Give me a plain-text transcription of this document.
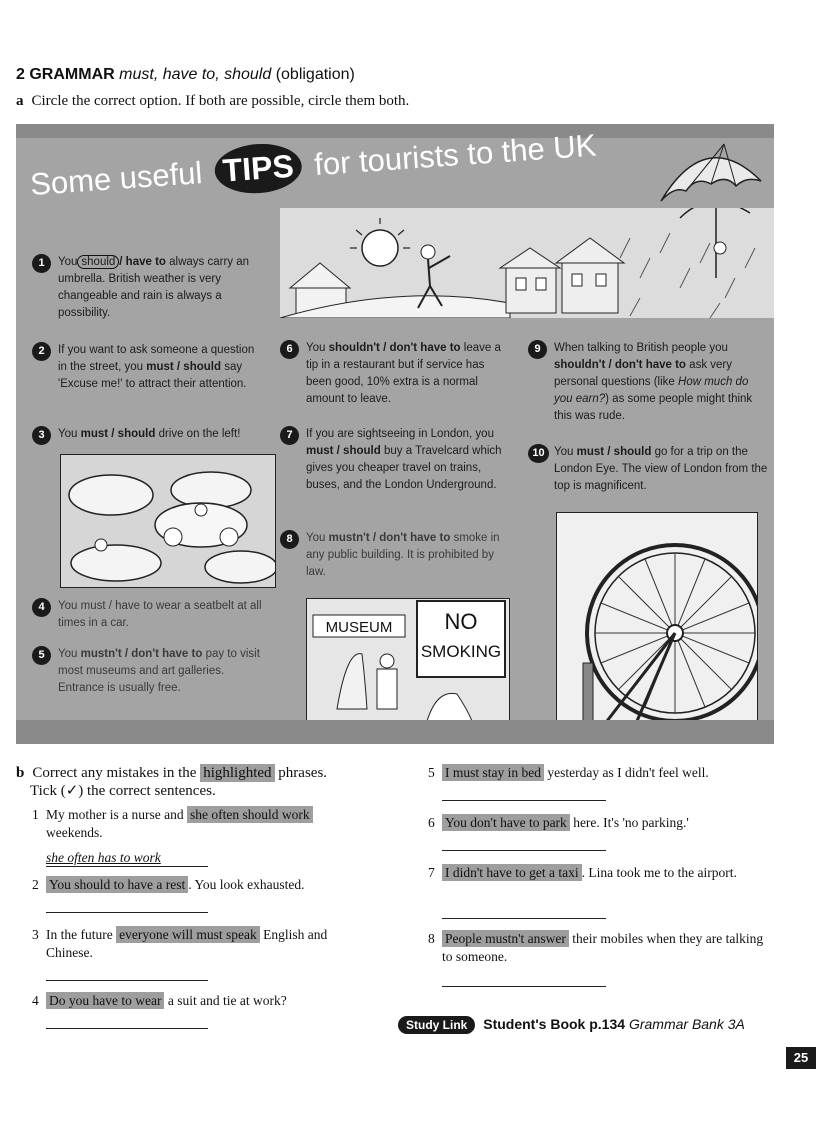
2 GRAMMAR must, have to, should (obligation)
a Circle the correct option. If both are possible, circle them both.
Some useful TIPS for tourists to the UK
1	You should / have to always carry an umbrella. British weather is very changeable and rain is always a possibility.
2	If you want to ask someone a question in the street, you must / should say 'Excuse me!' to attract their attention.
3	You must / should drive on the left!
4	You must / have to wear a seatbelt at all times in a car.
5	You mustn't / don't have to pay to visit most museums and art galleries. Entrance is usually free.
6	You shouldn't / don't have to leave a tip in a restaurant but if service has been good, 10% extra is a normal amount to leave.
7	If you are sightseeing in London, you must / should buy a Travelcard which gives you cheaper travel on trains, buses, and the London Underground.
8	You mustn't / don't have to smoke in any public building. It is prohibited by law.
MUSEUM NO
SMOKING
9	When talking to British people you shouldn't / don't have to ask very personal questions (like How much do you earn?) as some people might think this was rude.
10 You must / should go for a trip on the London Eye. The view of London from the top is magnificent.
b Correct any mistakes in the highlighted phrases.
Tick (✓) the correct sentences.
1 My mother is a nurse and she often should work weekends.
she often has to work
2 You should to have a rest . You look exhausted.
3 In the future everyone will must speak English and Chinese.
4 Do you have to wear a suit and tie at work?
5 I must stay in bed yesterday as I didn't feel well.
6 You don't have to park here. It's 'no parking.'
7 I didn't have to get a taxi . Lina took me to the airport.
8 People mustn't answer their mobiles when they are talking to someone.
Study Link Student's Book p.134 Grammar Bank 3A
25
